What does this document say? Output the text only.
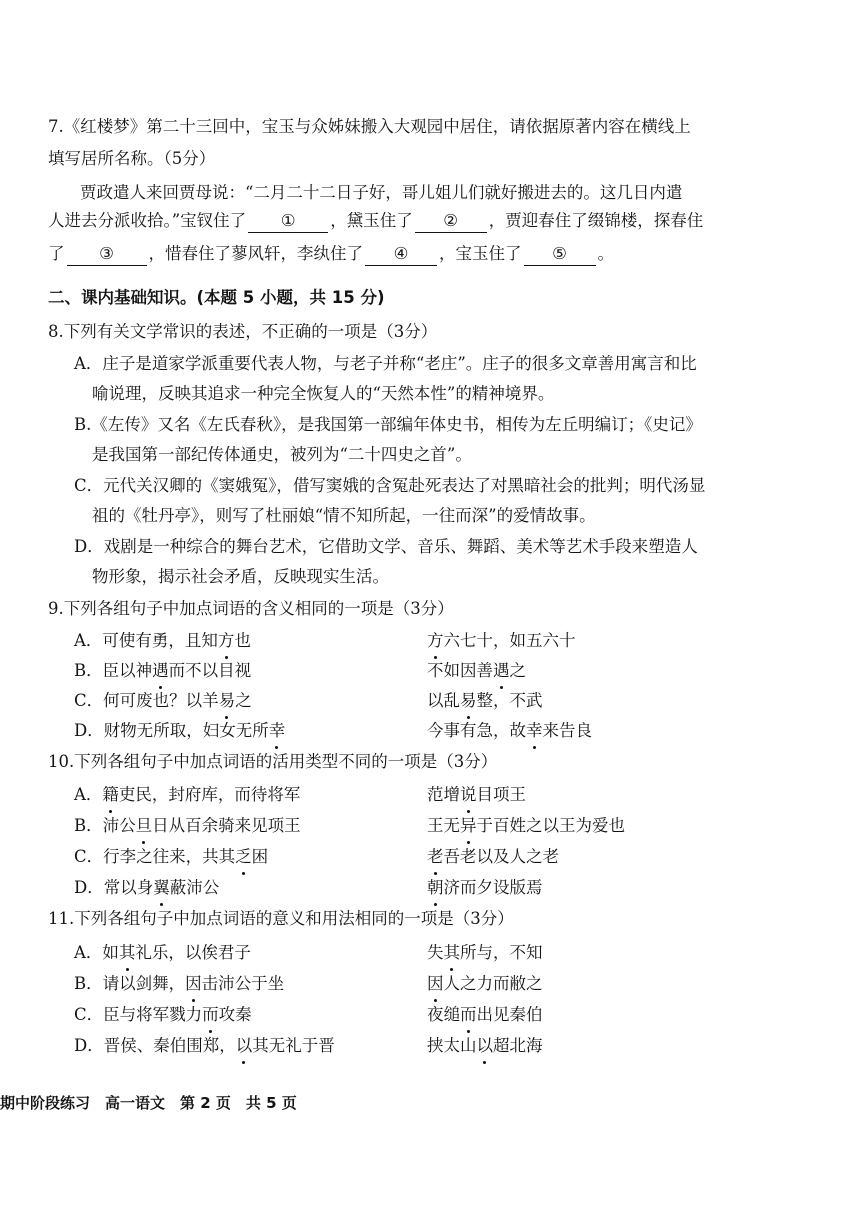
7.《红楼梦》第二十三回中，宝玉与众姊妹搬入大观园中居住，请依据原著内容在横线上
填写居所名称。（5分）
贾政遣人来回贾母说：“二月二十二日子好，哥儿姐儿们就好搬进去的。这几日内遣
人进去分派收拾。”宝钗住了 ① ，黛玉住了 ② ，贾迎春住了缀锦楼，探春住
了 ③ ，惜春住了蓼风轩，李纨住了 ④ ，宝玉住了 ⑤ 。
二、课内基础知识。(本题 5 小题，共 15 分)
8.下列有关文学常识的表述，不正确的一项是（3分）
A．庄子是道家学派重要代表人物，与老子并称“老庄”。庄子的很多文章善用寓言和比
喻说理，反映其追求一种完全恢复人的“天然本性”的精神境界。
B.《左传》又名《左氏春秋》，是我国第一部编年体史书，相传为左丘明编订；《史记》
是我国第一部纪传体通史，被列为“二十四史之首”。
C．元代关汉卿的《窦娥冤》，借写窦娥的含冤赴死表达了对黑暗社会的批判；明代汤显
祖的《牡丹亭》，则写了杜丽娘“情不知所起，一往而深”的爱情故事。
D．戏剧是一种综合的舞台艺术，它借助文学、音乐、舞蹈、美术等艺术手段来塑造人
物形象，揭示社会矛盾，反映现实生活。
9.下列各组句子中加点词语的含义相同的一项是（3分）
A．可使有勇，且知方也	方六七十，如五六十
B．臣以神遇而不以目视	不如因善遇之
C．何可废也？以羊易之	以乱易整，不武
D．财物无所取，妇女无所幸	今事有急，故幸来告良
10.下列各组句子中加点词语的活用类型不同的一项是（3分）
A．籍吏民，封府库，而待将军	范增说目项王
B．沛公旦日从百余骑来见项王	王无异于百姓之以王为爱也
C．行李之往来，共其乏困	老吾老以及人之老
D．常以身翼蔽沛公	朝济而夕设版焉
11.下列各组句子中加点词语的意义和用法相同的一项是（3分）
A．如其礼乐，以俟君子	失其所与，不知
B．请以剑舞，因击沛公于坐	因人之力而敝之
C．臣与将军戮力而攻秦	夜缒而出见秦伯
D．晋侯、秦伯围郑，以其无礼于晋	挟太山以超北海
期中阶段练习　高一语文　第 2 页　共 5 页
